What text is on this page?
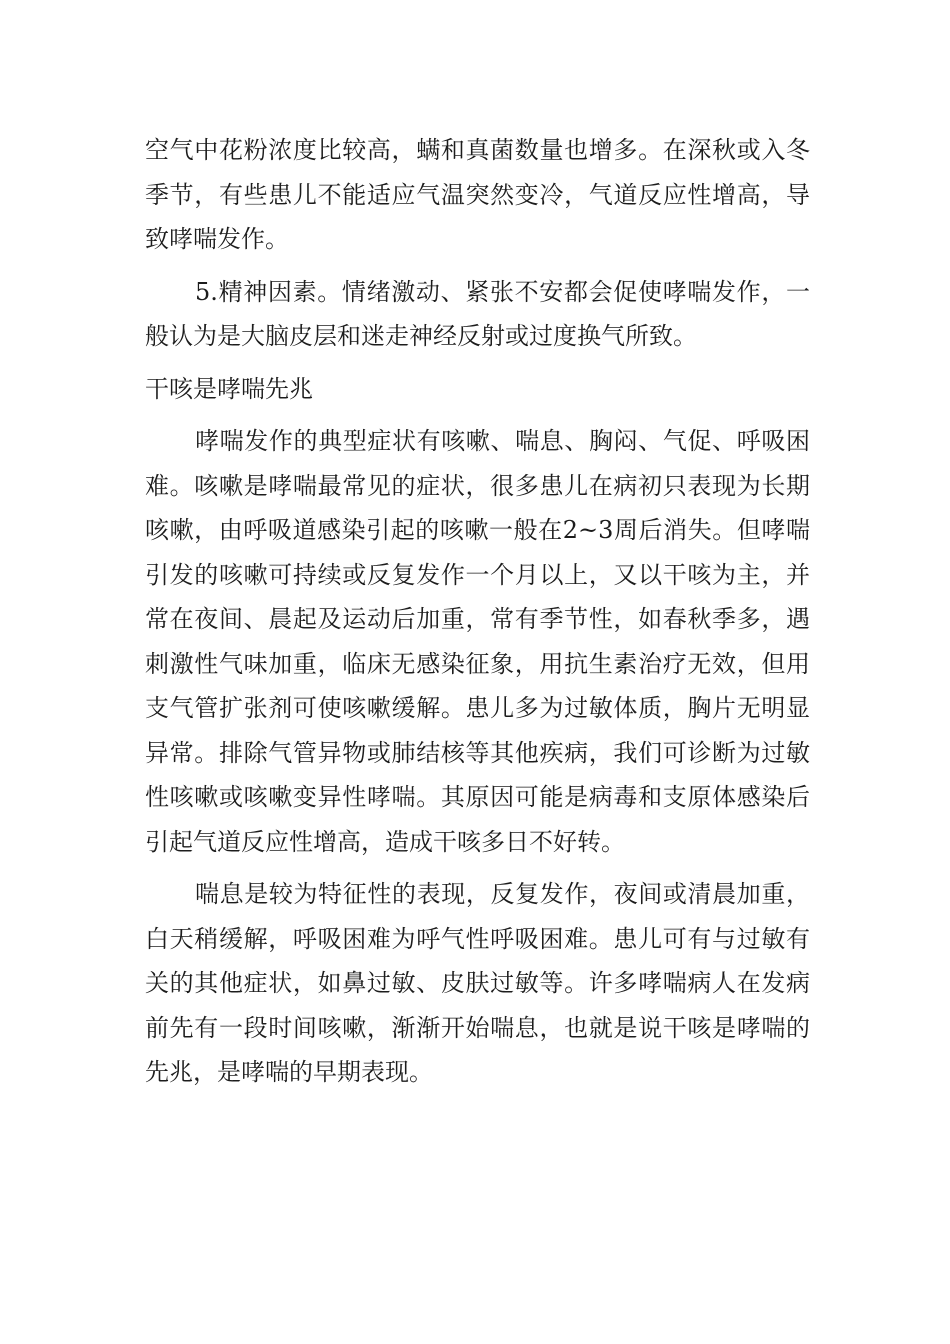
空气中花粉浓度比较高，螨和真菌数量也增多。在深秋或入冬季节，有些患儿不能适应气温突然变冷，气道反应性增高，导致哮喘发作。

5.精神因素。情绪激动、紧张不安都会促使哮喘发作，一般认为是大脑皮层和迷走神经反射或过度换气所致。

干咳是哮喘先兆

哮喘发作的典型症状有咳嗽、喘息、胸闷、气促、呼吸困难。咳嗽是哮喘最常见的症状，很多患儿在病初只表现为长期咳嗽，由呼吸道感染引起的咳嗽一般在2~3周后消失。但哮喘引发的咳嗽可持续或反复发作一个月以上，又以干咳为主，并常在夜间、晨起及运动后加重，常有季节性，如春秋季多，遇刺激性气味加重，临床无感染征象，用抗生素治疗无效，但用支气管扩张剂可使咳嗽缓解。患儿多为过敏体质，胸片无明显异常。排除气管异物或肺结核等其他疾病，我们可诊断为过敏性咳嗽或咳嗽变异性哮喘。其原因可能是病毒和支原体感染后引起气道反应性增高，造成干咳多日不好转。

喘息是较为特征性的表现，反复发作，夜间或清晨加重，白天稍缓解，呼吸困难为呼气性呼吸困难。患儿可有与过敏有关的其他症状，如鼻过敏、皮肤过敏等。许多哮喘病人在发病前先有一段时间咳嗽，渐渐开始喘息，也就是说干咳是哮喘的先兆，是哮喘的早期表现。
